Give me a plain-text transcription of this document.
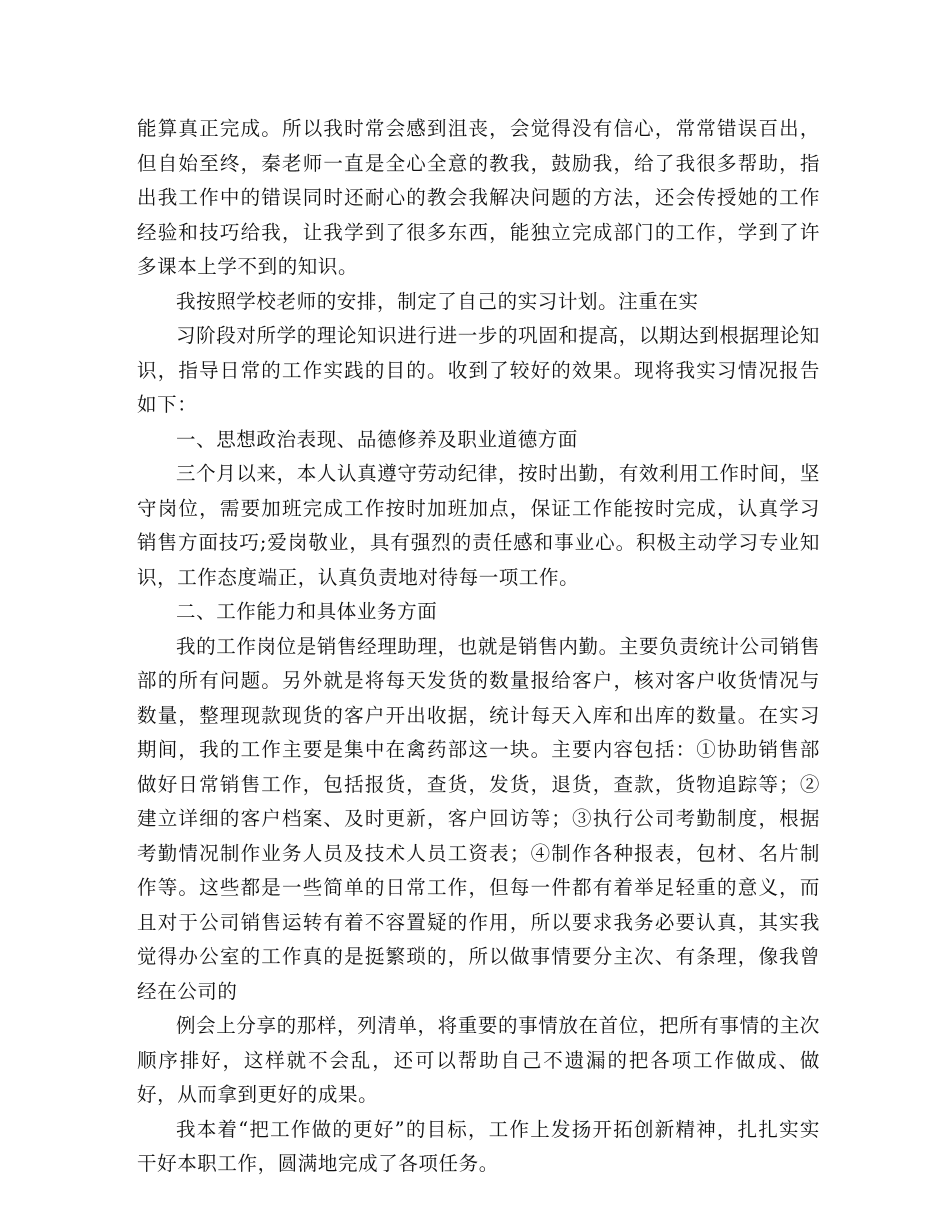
能算真正完成。所以我时常会感到沮丧，会觉得没有信心，常常错误百出，但自始至终，秦老师一直是全心全意的教我，鼓励我，给了我很多帮助，指出我工作中的错误同时还耐心的教会我解决问题的方法，还会传授她的工作经验和技巧给我，让我学到了很多东西，能独立完成部门的工作，学到了许多课本上学不到的知识。

我按照学校老师的安排，制定了自己的实习计划。注重在实

习阶段对所学的理论知识进行进一步的巩固和提高，以期达到根据理论知识，指导日常的工作实践的目的。收到了较好的效果。现将我实习情况报告如下：

一、思想政治表现、品德修养及职业道德方面

三个月以来，本人认真遵守劳动纪律，按时出勤，有效利用工作时间，坚守岗位，需要加班完成工作按时加班加点，保证工作能按时完成，认真学习销售方面技巧;爱岗敬业，具有强烈的责任感和事业心。积极主动学习专业知识，工作态度端正，认真负责地对待每一项工作。

二、工作能力和具体业务方面

我的工作岗位是销售经理助理，也就是销售内勤。主要负责统计公司销售部的所有问题。另外就是将每天发货的数量报给客户，核对客户收货情况与数量，整理现款现货的客户开出收据，统计每天入库和出库的数量。在实习期间，我的工作主要是集中在禽药部这一块。主要内容包括：①协助销售部做好日常销售工作，包括报货，查货，发货，退货，查款，货物追踪等；②建立详细的客户档案、及时更新，客户回访等；③执行公司考勤制度，根据考勤情况制作业务人员及技术人员工资表；④制作各种报表，包材、名片制作等。这些都是一些简单的日常工作，但每一件都有着举足轻重的意义，而且对于公司销售运转有着不容置疑的作用，所以要求我务必要认真，其实我觉得办公室的工作真的是挺繁琐的，所以做事情要分主次、有条理，像我曾经在公司的

例会上分享的那样，列清单，将重要的事情放在首位，把所有事情的主次顺序排好，这样就不会乱，还可以帮助自己不遗漏的把各项工作做成、做好，从而拿到更好的成果。

我本着“把工作做的更好”的目标，工作上发扬开拓创新精神，扎扎实实干好本职工作，圆满地完成了各项任务。
